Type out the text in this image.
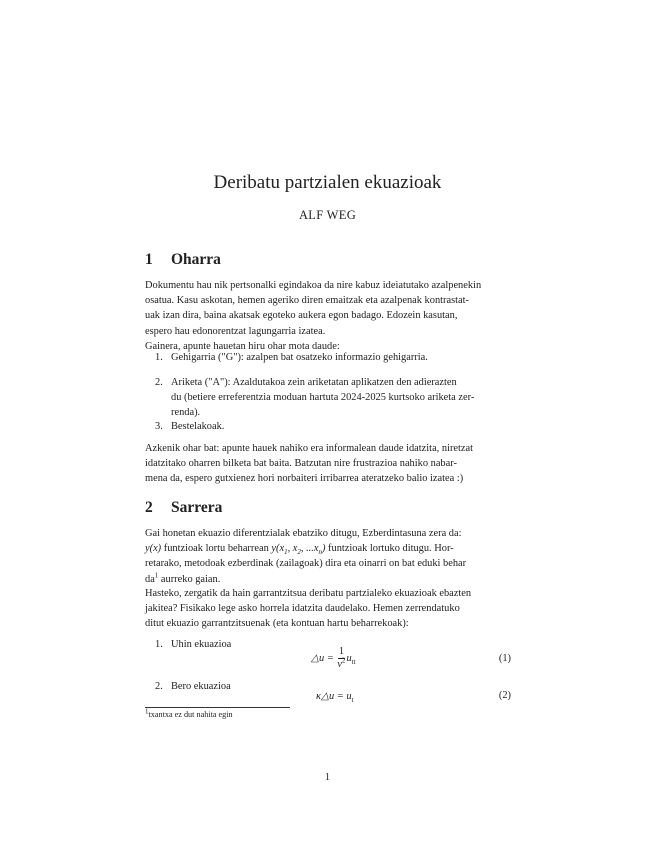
Deribatu partzialen ekuazioak
ALF WEG
1 Oharra
Dokumentu hau nik pertsonalki egindakoa da nire kabuz ideiatutako azalpenekin
osatua. Kasu askotan, hemen ageriko diren emaitzak eta azalpenak kontrastat-
uak izan dira, baina akatsak egoteko aukera egon badago. Edozein kasutan,
espero hau edonorentzat lagungarria izatea.
Gainera, apunte hauetan hiru ohar mota daude:
1. Gehigarria ("G"): azalpen bat osatzeko informazio gehigarria.
2. Ariketa ("A"): Azaldutakoa zein ariketatan aplikatzen den adierazten
du (betiere erreferentzia moduan hartuta 2024-2025 kurtsoko ariketa zer-
renda).
3. Bestelakoak.
Azkenik ohar bat: apunte hauek nahiko era informalean daude idatzita, niretzat
idatzitako oharren bilketa bat baita. Batzutan nire frustrazioa nahiko nabar-
mena da, espero gutxienez hori norbaiteri irribarrea ateratzeko balio izatea :)
2 Sarrera
Gai honetan ekuazio diferentzialak ebatziko ditugu, Ezberdintasuna zera da:
y(x) funtzioak lortu beharrean $y(x_1$, $x_2$, $...x_n$) funtzioak lortuko ditugu. Hor-
retarako, metodoak ezberdinak (zailagoak) dira eta oinarri on bat eduki behar
$da^1$ aurreko gaian.
Hasteko, zergatik da hain garrantzitsua deribatu partzialeko ekuazioak ebazten
jakitea? Fisikako lege asko horrela idatzita daudelako. Hemen zerrendatuko
ditut ekuazio garrantzitsuenak (eta kontuan hartu beharrekoak):
1. Uhin ekuazioa
△u = $\frac{1}{v^2} u_{tt}$	(1)
2. Bero ekuazioa
κ△u = $u_t$	(2)
$^1$txantxa ez dut nahita egin
1
